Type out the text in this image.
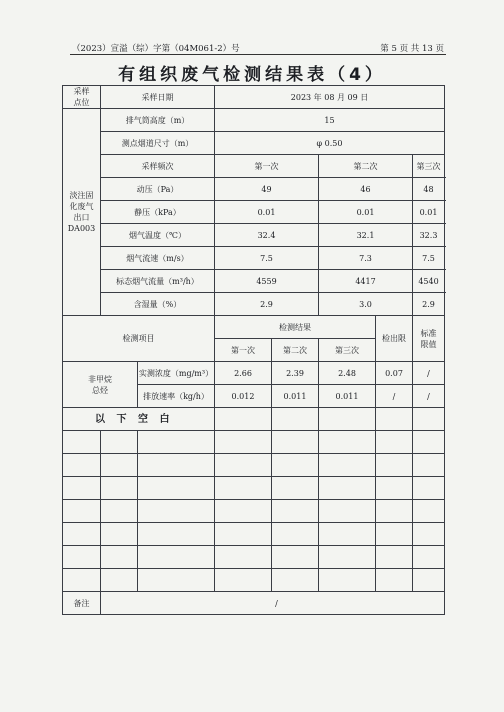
（2023）宣溢（综）字第（04M061-2）号	第 5 页 共 13 页
有组织废气检测结果表（4）
采样
点位	采样日期		2023 年 08 月 09 日				
淡注固
化废气
出口
DA003	排气筒高度（m）		15				
	测点烟道尺寸（m）		φ 0.50				
	采样频次		第一次		第二次		第三次
	动压（Pa）		49		46		48
	静压（kPa）		0.01		0.01		0.01
	烟气温度（℃）		32.4		32.1		32.3
	烟气流速（m/s）		7.5		7.3		7.5
	标态烟气流量（m³/h）		4559		4417		4540
	含湿量（%）		2.9		3.0		2.9
检测项目			检测结果			检出限	标准
限值
			第一次	第二次	第三次		
非甲烷
总烃		实测浓度（mg/m³）	2.66	2.39	2.48	0.07	/
		排放速率（kg/h）	0.012	0.011	0.011	/	/
以 下 空 白							

备注	/						
